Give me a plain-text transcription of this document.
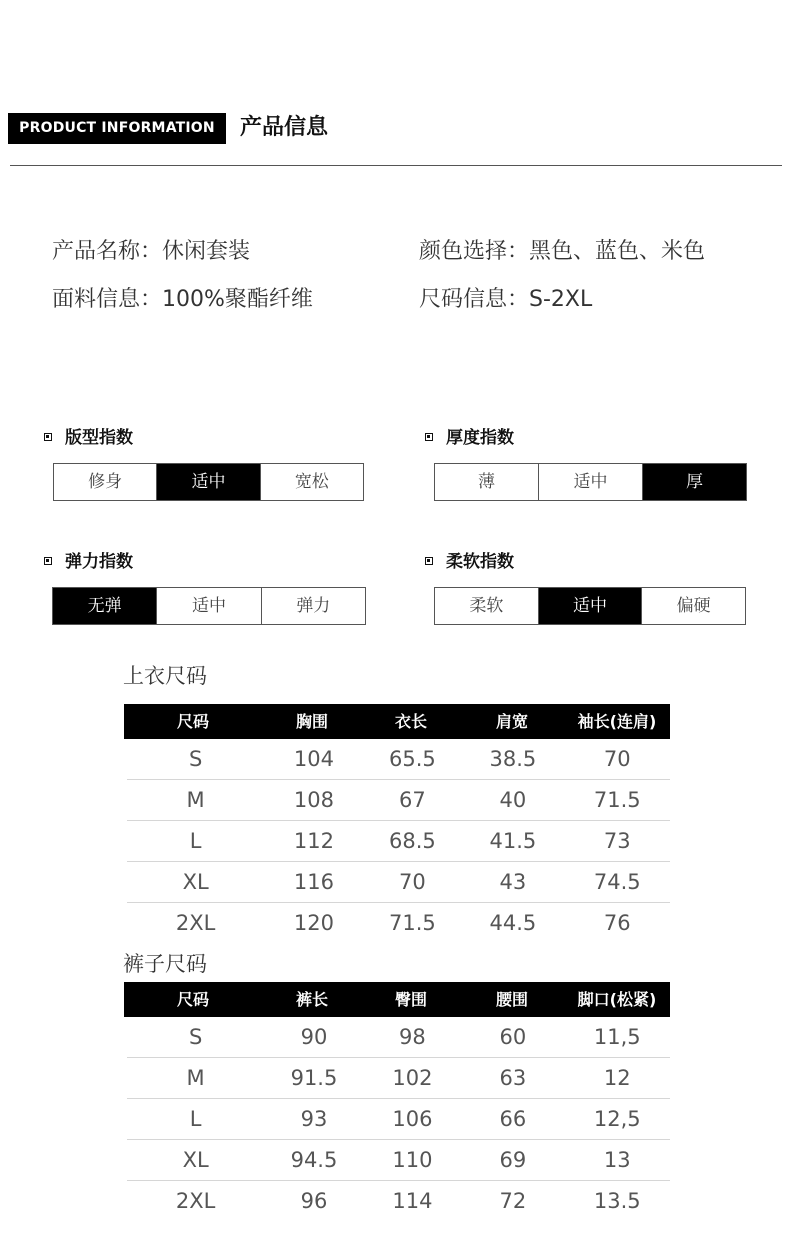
PRODUCT INFORMATION	产品信息
产品名称：休闲套装	颜色选择：黑色、蓝色、米色
面料信息：100%聚酯纤维	尺码信息：S-2XL
版型指数
修身	适中	宽松
厚度指数
薄	适中	厚
弹力指数
无弹	适中	弹力
柔软指数
柔软	适中	偏硬
上衣尺码
尺码	胸围	衣长	肩宽	袖长(连肩)
S	104	65.5	38.5	70
M	108	67	40	71.5
L	112	68.5	41.5	73
XL	116	70	43	74.5
2XL	120	71.5	44.5	76
裤子尺码
尺码	裤长	臀围	腰围	脚口(松紧)
S	90	98	60	11,5
M	91.5	102	63	12
L	93	106	66	12,5
XL	94.5	110	69	13
2XL	96	114	72	13.5
